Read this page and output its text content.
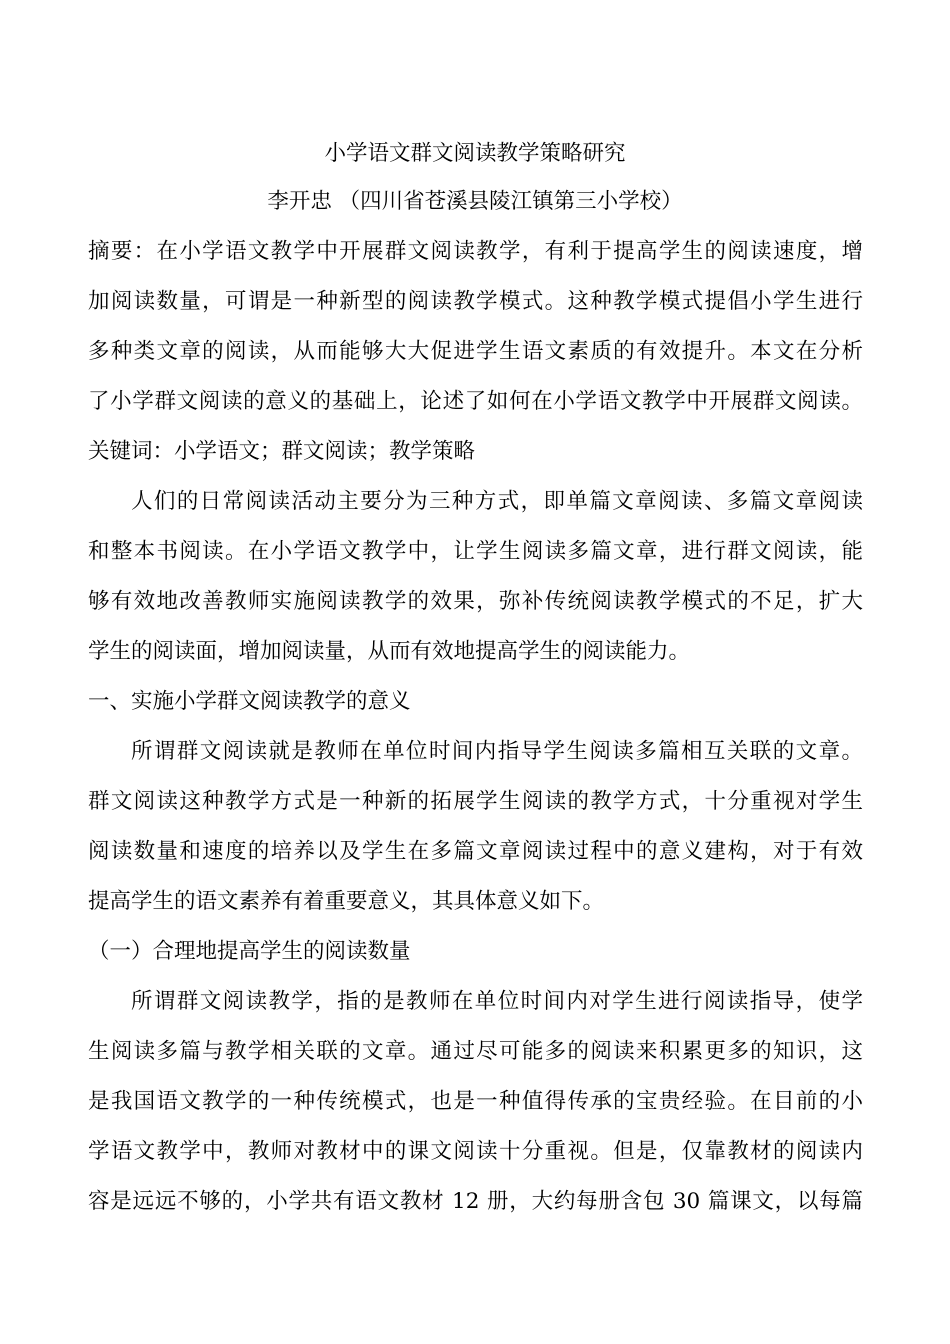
小学语文群文阅读教学策略研究
李开忠 （四川省苍溪县陵江镇第三小学校）
摘要：在小学语文教学中开展群文阅读教学，有利于提高学生的阅读速度，增
加阅读数量，可谓是一种新型的阅读教学模式。这种教学模式提倡小学生进行
多种类文章的阅读，从而能够大大促进学生语文素质的有效提升。本文在分析
了小学群文阅读的意义的基础上，论述了如何在小学语文教学中开展群文阅读。
关键词：小学语文；群文阅读；教学策略
人们的日常阅读活动主要分为三种方式，即单篇文章阅读、多篇文章阅读
和整本书阅读。在小学语文教学中，让学生阅读多篇文章，进行群文阅读，能
够有效地改善教师实施阅读教学的效果，弥补传统阅读教学模式的不足，扩大
学生的阅读面，增加阅读量，从而有效地提高学生的阅读能力。
一、实施小学群文阅读教学的意义
所谓群文阅读就是教师在单位时间内指导学生阅读多篇相互关联的文章。
群文阅读这种教学方式是一种新的拓展学生阅读的教学方式，十分重视对学生
阅读数量和速度的培养以及学生在多篇文章阅读过程中的意义建构，对于有效
提高学生的语文素养有着重要意义，其具体意义如下。
（一）合理地提高学生的阅读数量
所谓群文阅读教学，指的是教师在单位时间内对学生进行阅读指导，使学
生阅读多篇与教学相关联的文章。通过尽可能多的阅读来积累更多的知识，这
是我国语文教学的一种传统模式，也是一种值得传承的宝贵经验。在目前的小
学语文教学中，教师对教材中的课文阅读十分重视。但是，仅靠教材的阅读内
容是远远不够的，小学共有语文教材 12 册，大约每册含包 30 篇课文，以每篇
